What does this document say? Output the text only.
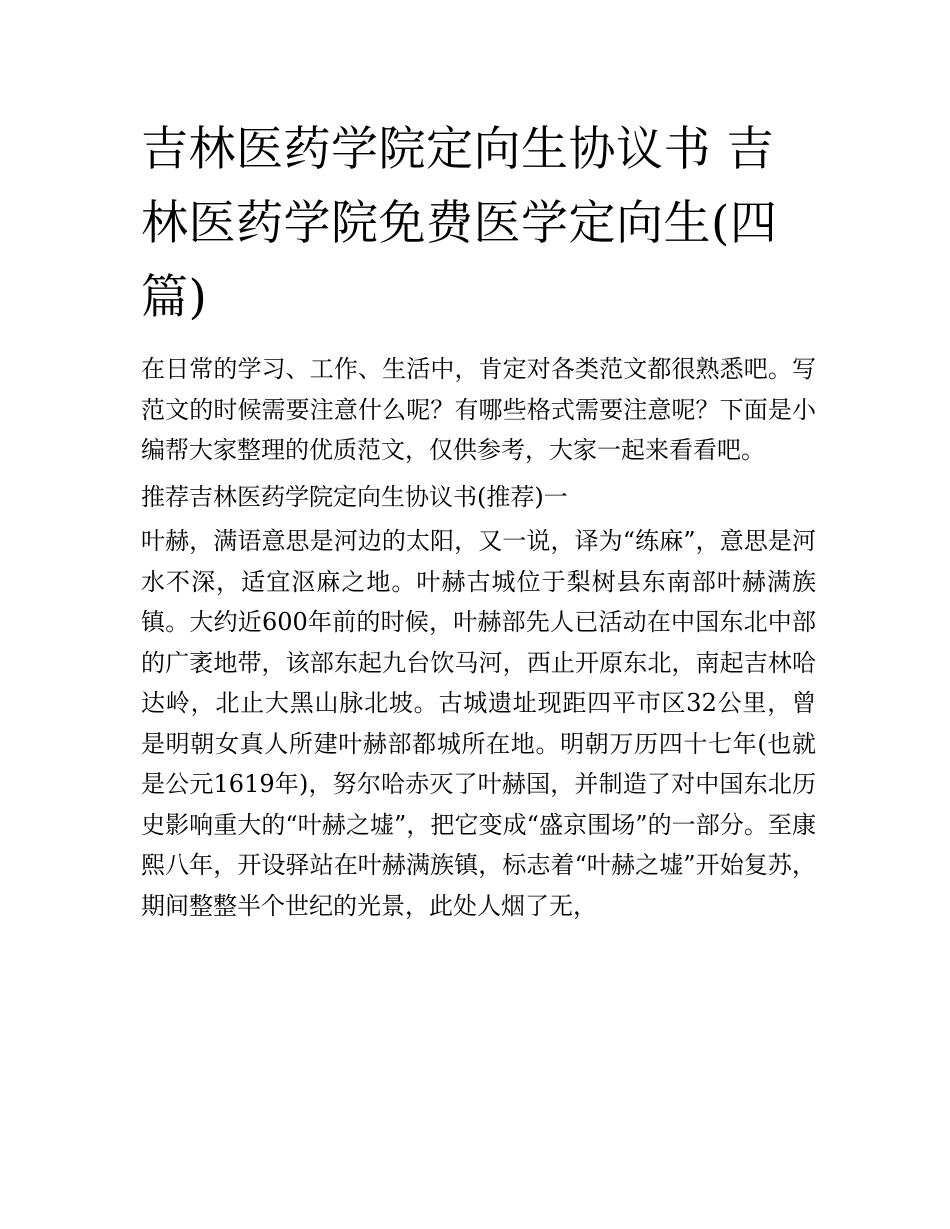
吉林医药学院定向生协议书 吉林医药学院免费医学定向生(四篇)

在日常的学习、工作、生活中，肯定对各类范文都很熟悉吧。写范文的时候需要注意什么呢？有哪些格式需要注意呢？下面是小编帮大家整理的优质范文，仅供参考，大家一起来看看吧。

推荐吉林医药学院定向生协议书(推荐)一

叶赫，满语意思是河边的太阳，又一说，译为“练麻”，意思是河水不深，适宜沤麻之地。叶赫古城位于梨树县东南部叶赫满族镇。大约近600年前的时候，叶赫部先人已活动在中国东北中部的广袤地带，该部东起九台饮马河，西止开原东北，南起吉林哈达岭，北止大黑山脉北坡。古城遗址现距四平市区32公里，曾是明朝女真人所建叶赫部都城所在地。明朝万历四十七年(也就是公元1619年)，努尔哈赤灭了叶赫国，并制造了对中国东北历史影响重大的“叶赫之墟”，把它变成“盛京围场”的一部分。至康熙八年，开设驿站在叶赫满族镇，标志着“叶赫之墟”开始复苏，期间整整半个世纪的光景，此处人烟了无，
